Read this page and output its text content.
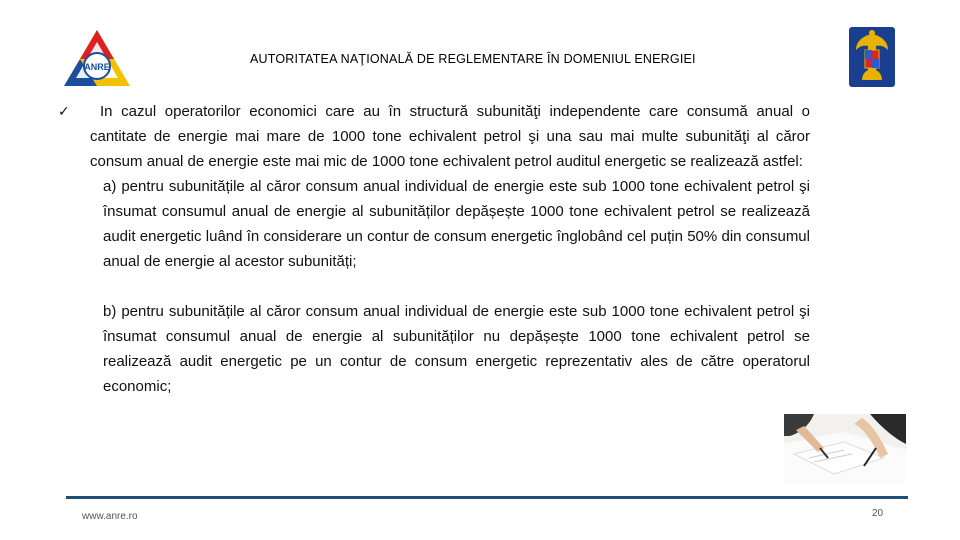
ANRE
AUTORITATEA NAŢIONALĂ DE REGLEMENTARE ÎN DOMENIUL ENERGIEI
✓	In cazul operatorilor economici care au în structură subunităţi independente care consumă anual o cantitate de energie mai mare de 1000 tone echivalent petrol şi una sau mai multe subunităţi al căror consum anual de energie este mai mic de 1000 tone echivalent petrol auditul energetic se realizează astfel:

a) pentru subunitățile al căror consum anual individual de energie este sub 1000 tone echivalent petrol şi însumat consumul anual de energie al subunităților depășește 1000 tone echivalent petrol se realizează audit energetic luând în considerare un contur de consum energetic înglobând cel puțin 50% din consumul anual de energie al acestor subunități;

b) pentru subunitățile al căror consum anual individual de energie este sub 1000 tone echivalent petrol şi însumat consumul anual de energie al subunităților nu depășește 1000 tone echivalent petrol se realizează audit energetic pe un contur de consum energetic reprezentativ ales de către operatorul economic;

www.anre.ro	20
